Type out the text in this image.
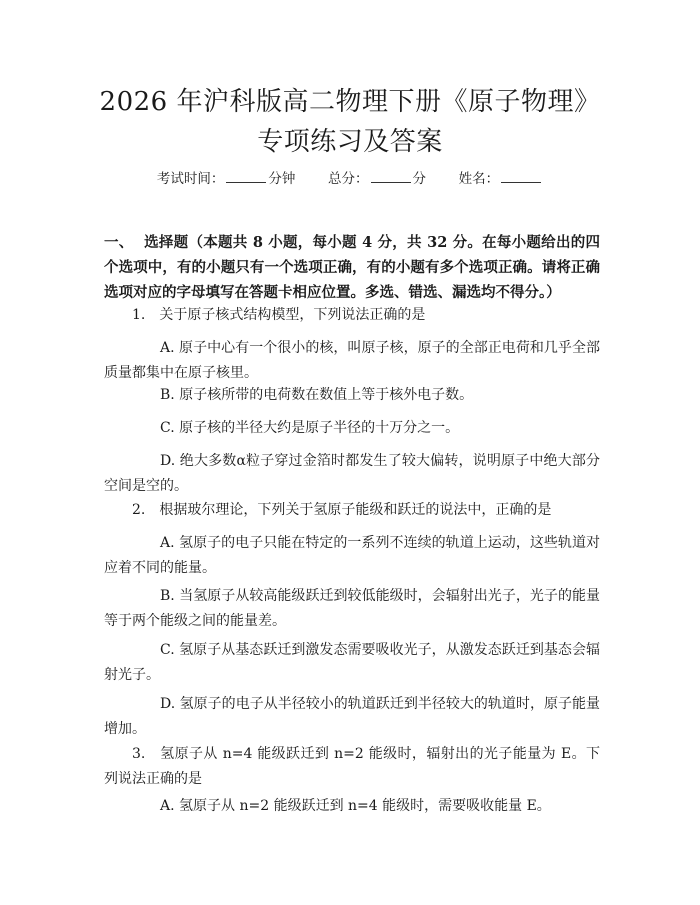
2026 年沪科版高二物理下册《原子物理》专项练习及答案
考试时间：	分钟 总分：	分 姓名：
一、 选择题（本题共 8 小题，每小题 4 分，共 32 分。在每小题给出的四个选项中，有的小题只有一个选项正确，有的小题有多个选项正确。请将正确选项对应的字母填写在答题卡相应位置。多选、错选、漏选均不得分。）
1.　关于原子核式结构模型，下列说法正确的是
A. 原子中心有一个很小的核，叫原子核，原子的全部正电荷和几乎全部质量都集中在原子核里。
B. 原子核所带的电荷数在数值上等于核外电子数。
C. 原子核的半径大约是原子半径的十万分之一。
D. 绝大多数α粒子穿过金箔时都发生了较大偏转，说明原子中绝大部分空间是空的。
2.　根据玻尔理论，下列关于氢原子能级和跃迁的说法中，正确的是
A. 氢原子的电子只能在特定的一系列不连续的轨道上运动，这些轨道对应着不同的能量。
B. 当氢原子从较高能级跃迁到较低能级时，会辐射出光子，光子的能量等于两个能级之间的能量差。
C. 氢原子从基态跃迁到激发态需要吸收光子，从激发态跃迁到基态会辐射光子。
D. 氢原子的电子从半径较小的轨道跃迁到半径较大的轨道时，原子能量增加。
3.　氢原子从 n=4 能级跃迁到 n=2 能级时，辐射出的光子能量为 E。下列说法正确的是
A. 氢原子从 n=2 能级跃迁到 n=4 能级时，需要吸收能量 E。
